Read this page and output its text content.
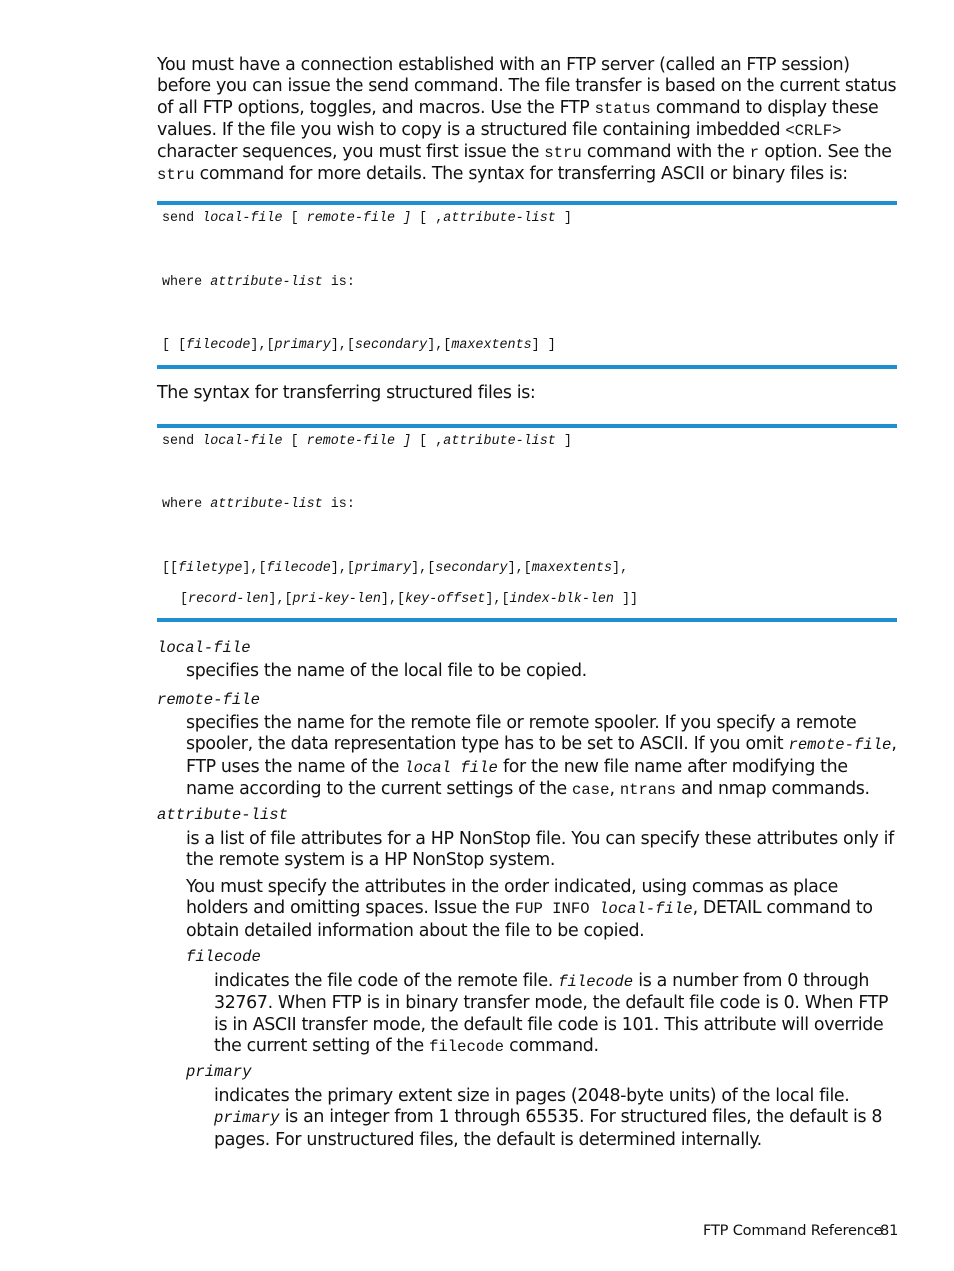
You must have a connection established with an FTP server (called an FTP session) before you can issue the send command. The file transfer is based on the current status of all FTP options, toggles, and macros. Use the FTP status command to display these values. If the file you wish to copy is a structured file containing imbedded <CRLF> character sequences, you must first issue the stru command with the r option. See the stru command for more details. The syntax for transferring ASCII or binary files is:
send local-file [ remote-file ] [ ,attribute-list ]
where attribute-list is:
[ [filecode],[primary],[secondary],[maxextents] ]
The syntax for transferring structured files is:
send local-file [ remote-file ] [ ,attribute-list ]
where attribute-list is:
[[filetype],[filecode],[primary],[secondary],[maxextents],
[record-len],[pri-key-len],[key-offset],[index-blk-len ]]
local-file
specifies the name of the local file to be copied.
remote-file
specifies the name for the remote file or remote spooler. If you specify a remote spooler, the data representation type has to be set to ASCII. If you omit remote-file, FTP uses the name of the local file for the new file name after modifying the name according to the current settings of the case, ntrans and nmap commands.
attribute-list
is a list of file attributes for a HP NonStop file. You can specify these attributes only if the remote system is a HP NonStop system.
You must specify the attributes in the order indicated, using commas as place holders and omitting spaces. Issue the FUP INFO local-file, DETAIL command to obtain detailed information about the file to be copied.
filecode
indicates the file code of the remote file. filecode is a number from 0 through 32767. When FTP is in binary transfer mode, the default file code is 0. When FTP is in ASCII transfer mode, the default file code is 101. This attribute will override the current setting of the filecode command.
primary
indicates the primary extent size in pages (2048-byte units) of the local file. primary is an integer from 1 through 65535. For structured files, the default is 8 pages. For unstructured files, the default is determined internally.
FTP Command Reference
81
